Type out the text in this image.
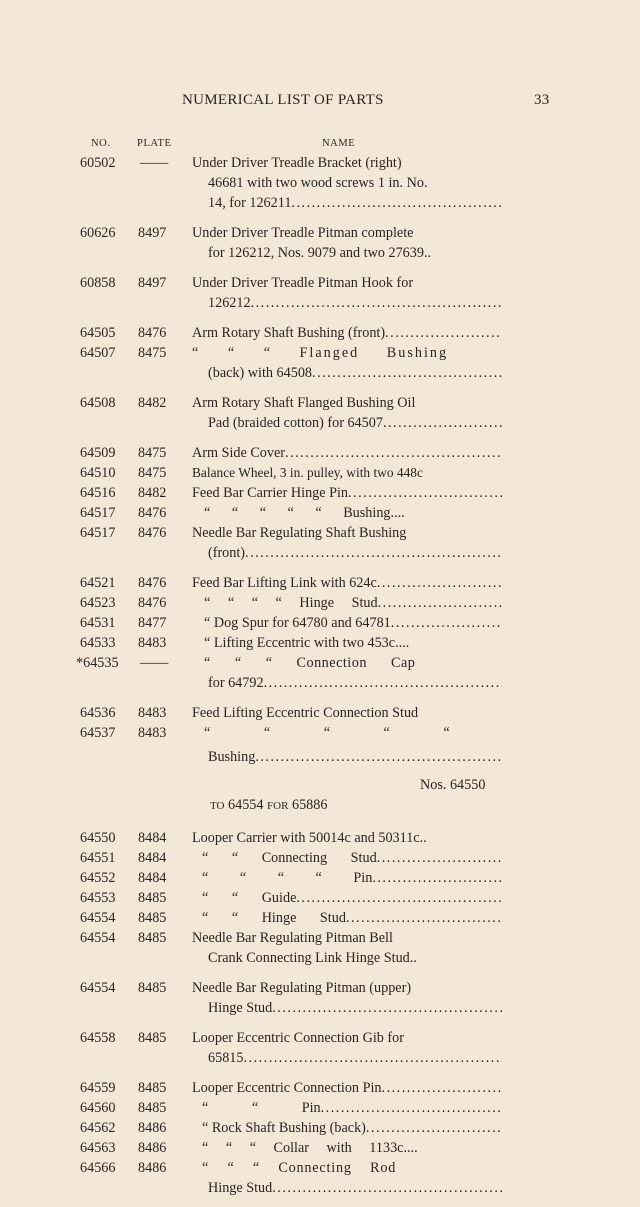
NUMERICAL LIST OF PARTS	33
NO.	PLATE	NAME
60502 —— Under Driver Treadle Bracket (right)
46681 with two wood screws 1 in. No.
14, for 126211
.....
60626 8497 Under Driver Treadle Pitman complete
for 126212, Nos. 9079 and two 27639..
60858 8497 Under Driver Treadle Pitman Hook for
126212
.....
64505 8476 Arm Rotary Shaft Bushing (front)
.....
64507 8475 “ “ “ Flanged Bushing
(back) with 64508
.....
64508 8482 Arm Rotary Shaft Flanged Bushing Oil
Pad (braided cotton) for 64507
.....
64509 8475 Arm Side Cover
.....
64510 8475 Balance Wheel, 3 in. pulley, with two 448c
64516 8482 Feed Bar Carrier Hinge Pin
.....
64517 8476	“ “ “ “ “ Bushing....
64517 8476 Needle Bar Regulating Shaft Bushing
(front)
.....
64521 8476 Feed Bar Lifting Link with 624c
.....
64523 8476	“ “ “ “ Hinge Stud
.....
64531 8477	“ Dog Spur for 64780 and 64781
.....
64533 8483	“ Lifting Eccentric with two 453c....
*64535 ——	“ “ “ Connection Cap
for 64792
.....
64536 8483 Feed Lifting Eccentric Connection Stud
64537 8483	“ “ “ “ “
Bushing
.....
Nos. 64550 TO 64554 FOR 65886
64550 8484 Looper Carrier with 50014c and 50311c..
64551 8484	“ “ Connecting Stud
.....
64552 8484	“ “ “ “ Pin
.....
64553 8485	“ “ Guide
.....
64554 8485	“ “ Hinge Stud
.....
64554 8485 Needle Bar Regulating Pitman Bell
Crank Connecting Link Hinge Stud..
64554 8485 Needle Bar Regulating Pitman (upper)
Hinge Stud
.....
64558 8485 Looper Eccentric Connection Gib for
65815
.....
64559 8485 Looper Eccentric Connection Pin
.....
64560 8485	“ “ Pin
.....
64562 8486	“ Rock Shaft Bushing (back)
.....
64563 8486	“ “ “ Collar with 1133c....
64566 8486	“ “ “ Connecting Rod
Hinge Stud
.....
